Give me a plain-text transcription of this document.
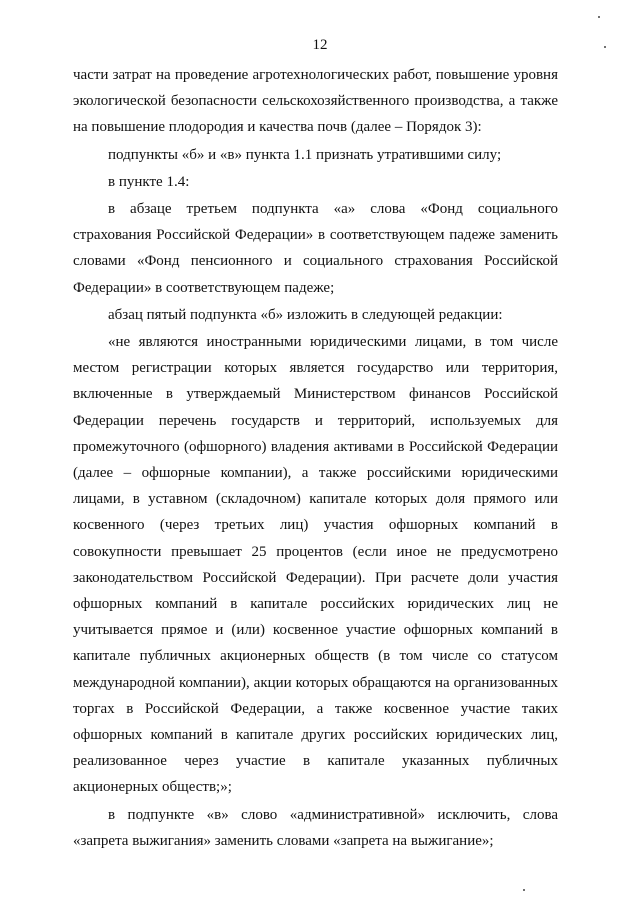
12

части затрат на проведение агротехнологических работ, повышение уровня экологической безопасности сельскохозяйственного производства, а также на повышение плодородия и качества почв (далее – Порядок 3):

подпункты «б» и «в» пункта 1.1 признать утратившими силу;

в пункте 1.4:

в абзаце третьем подпункта «а» слова «Фонд социального страхования Российской Федерации» в соответствующем падеже заменить словами «Фонд пенсионного и социального страхования Российской Федерации» в соответствующем падеже;

абзац пятый подпункта «б» изложить в следующей редакции:

«не являются иностранными юридическими лицами, в том числе местом регистрации которых является государство или территория, включенные в утверждаемый Министерством финансов Российской Федерации перечень государств и территорий, используемых для промежуточного (офшорного) владения активами в Российской Федерации (далее – офшорные компании), а также российскими юридическими лицами, в уставном (складочном) капитале которых доля прямого или косвенного (через третьих лиц) участия офшорных компаний в совокупности превышает 25 процентов (если иное не предусмотрено законодательством Российской Федерации). При расчете доли участия офшорных компаний в капитале российских юридических лиц не учитывается прямое и (или) косвенное участие офшорных компаний в капитале публичных акционерных обществ (в том числе со статусом международной компании), акции которых обращаются на организованных торгах в Российской Федерации, а также косвенное участие таких офшорных компаний в капитале других российских юридических лиц, реализованное через участие в капитале указанных публичных акционерных обществ;»;

в подпункте «в» слово «административной» исключить, слова «запрета выжигания» заменить словами «запрета на выжигание»;
